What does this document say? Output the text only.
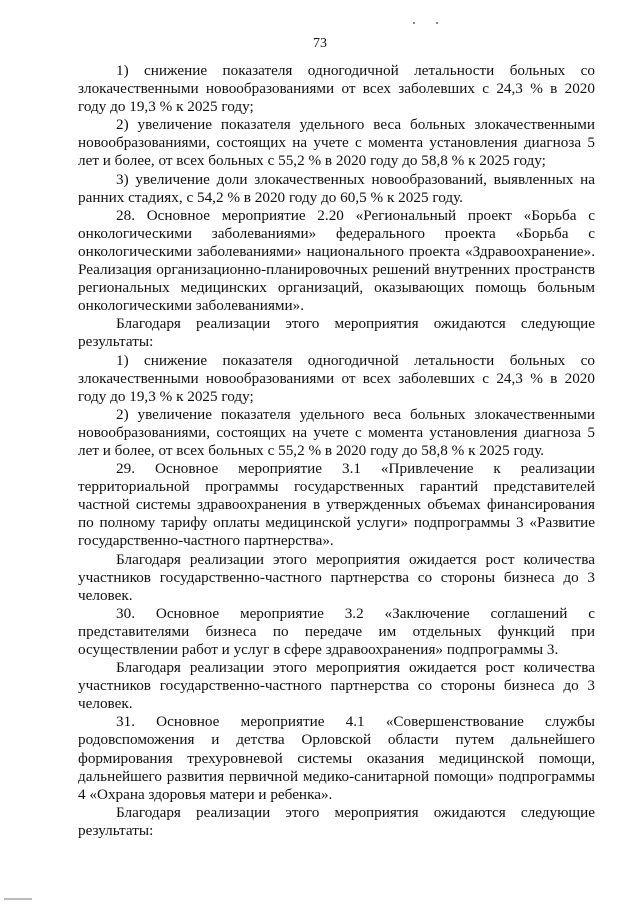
73

1) снижение показателя одногодичной летальности больных со злокачественными новообразованиями от всех заболевших с 24,3 % в 2020 году до 19,3 % к 2025 году;

2) увеличение показателя удельного веса больных злокачественными новообразованиями, состоящих на учете с момента установления диагноза 5 лет и более, от всех больных с 55,2 % в 2020 году до 58,8 % к 2025 году;

3) увеличение доли злокачественных новообразований, выявленных на ранних стадиях, с 54,2 % в 2020 году до 60,5 % к 2025 году.

28. Основное мероприятие 2.20 «Региональный проект «Борьба с онкологическими заболеваниями» федерального проекта «Борьба с онкологическими заболеваниями» национального проекта «Здравоохранение». Реализация организационно-планировочных решений внутренних пространств региональных медицинских организаций, оказывающих помощь больным онкологическими заболеваниями».

Благодаря реализации этого мероприятия ожидаются следующие результаты:

1) снижение показателя одногодичной летальности больных со злокачественными новообразованиями от всех заболевших с 24,3 % в 2020 году до 19,3 % к 2025 году;

2) увеличение показателя удельного веса больных злокачественными новообразованиями, состоящих на учете с момента установления диагноза 5 лет и более, от всех больных с 55,2 % в 2020 году до 58,8 % к 2025 году.

29. Основное мероприятие 3.1 «Привлечение к реализации территориальной программы государственных гарантий представителей частной системы здравоохранения в утвержденных объемах финансирования по полному тарифу оплаты медицинской услуги» подпрограммы 3 «Развитие государственно-частного партнерства».

Благодаря реализации этого мероприятия ожидается рост количества участников государственно-частного партнерства со стороны бизнеса до 3 человек.

30. Основное мероприятие 3.2 «Заключение соглашений с представителями бизнеса по передаче им отдельных функций при осуществлении работ и услуг в сфере здравоохранения» подпрограммы 3.

Благодаря реализации этого мероприятия ожидается рост количества участников государственно-частного партнерства со стороны бизнеса до 3 человек.

31. Основное мероприятие 4.1 «Совершенствование службы родовспоможения и детства Орловской области путем дальнейшего формирования трехуровневой системы оказания медицинской помощи, дальнейшего развития первичной медико-санитарной помощи» подпрограммы 4 «Охрана здоровья матери и ребенка».

Благодаря реализации этого мероприятия ожидаются следующие результаты:
